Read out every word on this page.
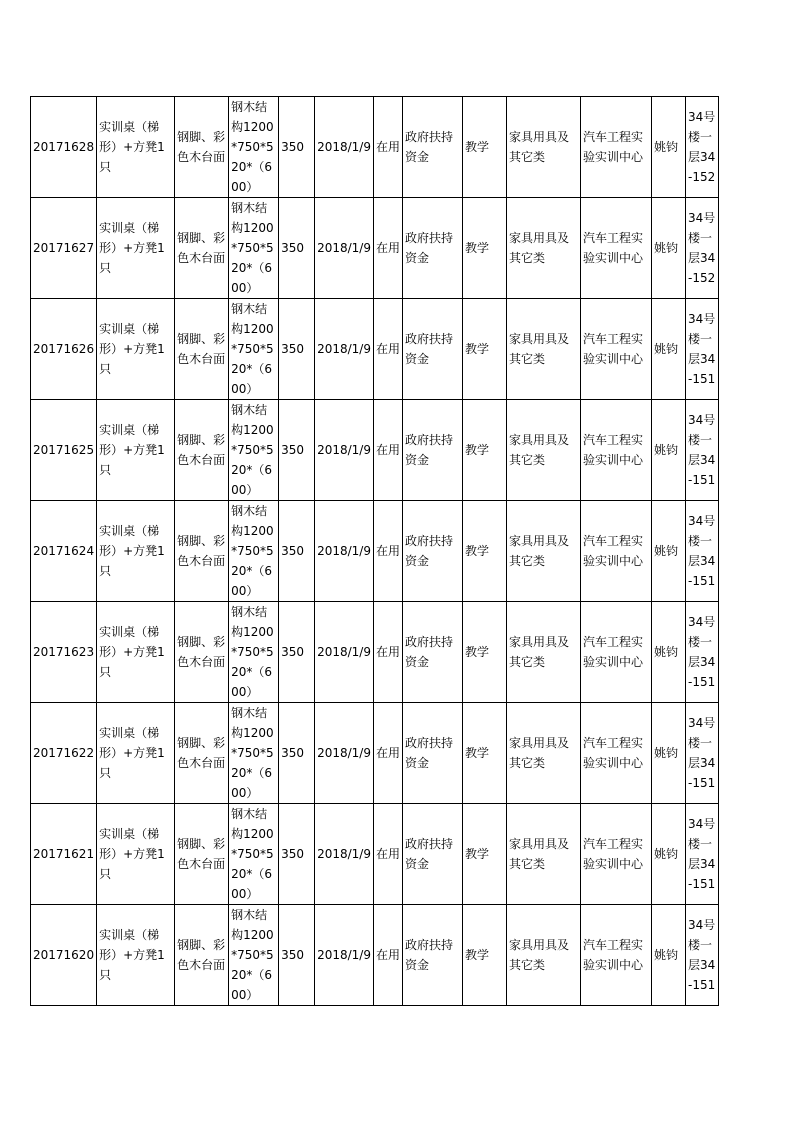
20171628	实训桌（梯形）+方凳1只	钢脚、彩色木台面	钢木结构1200*750*520*（600）	350	2018/1/9	在用	政府扶持资金	教学	家具用具及其它类	汽车工程实验实训中心	姚钧	34号楼一层34-152
20171627	实训桌（梯形）+方凳1只	钢脚、彩色木台面	钢木结构1200*750*520*（600）	350	2018/1/9	在用	政府扶持资金	教学	家具用具及其它类	汽车工程实验实训中心	姚钧	34号楼一层34-152
20171626	实训桌（梯形）+方凳1只	钢脚、彩色木台面	钢木结构1200*750*520*（600）	350	2018/1/9	在用	政府扶持资金	教学	家具用具及其它类	汽车工程实验实训中心	姚钧	34号楼一层34-151
20171625	实训桌（梯形）+方凳1只	钢脚、彩色木台面	钢木结构1200*750*520*（600）	350	2018/1/9	在用	政府扶持资金	教学	家具用具及其它类	汽车工程实验实训中心	姚钧	34号楼一层34-151
20171624	实训桌（梯形）+方凳1只	钢脚、彩色木台面	钢木结构1200*750*520*（600）	350	2018/1/9	在用	政府扶持资金	教学	家具用具及其它类	汽车工程实验实训中心	姚钧	34号楼一层34-151
20171623	实训桌（梯形）+方凳1只	钢脚、彩色木台面	钢木结构1200*750*520*（600）	350	2018/1/9	在用	政府扶持资金	教学	家具用具及其它类	汽车工程实验实训中心	姚钧	34号楼一层34-151
20171622	实训桌（梯形）+方凳1只	钢脚、彩色木台面	钢木结构1200*750*520*（600）	350	2018/1/9	在用	政府扶持资金	教学	家具用具及其它类	汽车工程实验实训中心	姚钧	34号楼一层34-151
20171621	实训桌（梯形）+方凳1只	钢脚、彩色木台面	钢木结构1200*750*520*（600）	350	2018/1/9	在用	政府扶持资金	教学	家具用具及其它类	汽车工程实验实训中心	姚钧	34号楼一层34-151
20171620	实训桌（梯形）+方凳1只	钢脚、彩色木台面	钢木结构1200*750*520*（600）	350	2018/1/9	在用	政府扶持资金	教学	家具用具及其它类	汽车工程实验实训中心	姚钧	34号楼一层34-151
